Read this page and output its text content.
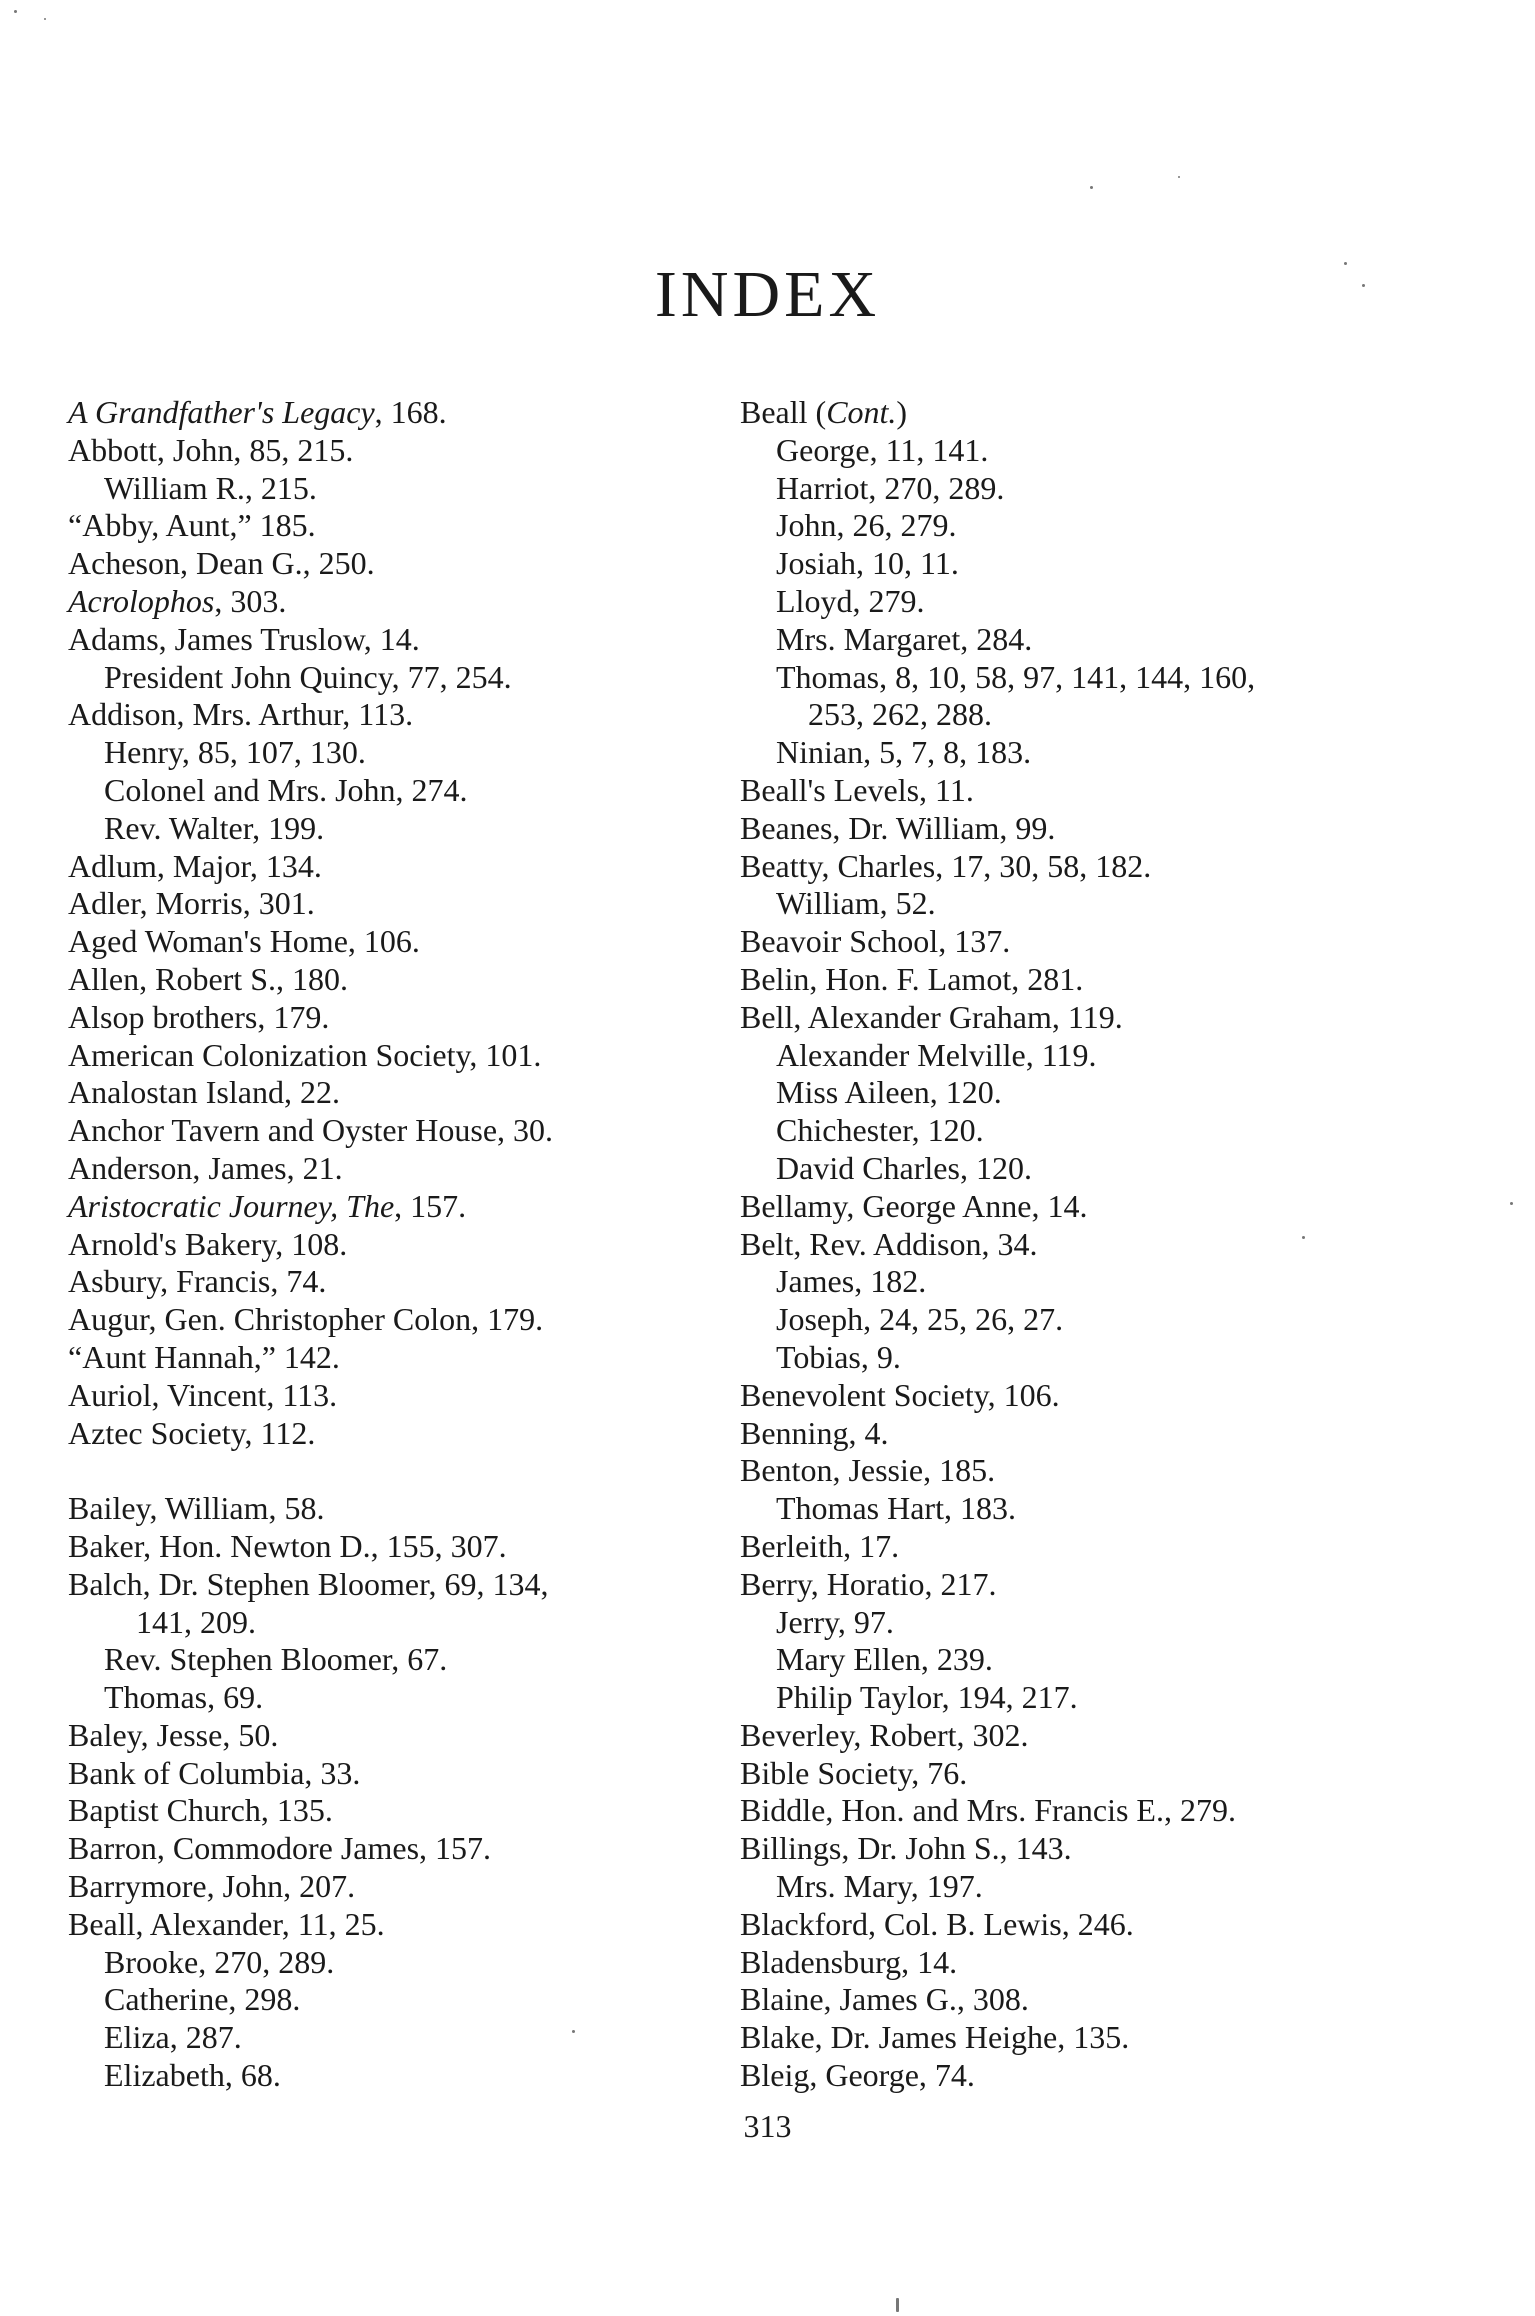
INDEX
A Grandfather's Legacy, 168.
Abbott, John, 85, 215.
William R., 215.
“Abby, Aunt,” 185.
Acheson, Dean G., 250.
Acrolophos, 303.
Adams, James Truslow, 14.
President John Quincy, 77, 254.
Addison, Mrs. Arthur, 113.
Henry, 85, 107, 130.
Colonel and Mrs. John, 274.
Rev. Walter, 199.
Adlum, Major, 134.
Adler, Morris, 301.
Aged Woman's Home, 106.
Allen, Robert S., 180.
Alsop brothers, 179.
American Colonization Society, 101.
Analostan Island, 22.
Anchor Tavern and Oyster House, 30.
Anderson, James, 21.
Aristocratic Journey, The, 157.
Arnold's Bakery, 108.
Asbury, Francis, 74.
Augur, Gen. Christopher Colon, 179.
“Aunt Hannah,” 142.
Auriol, Vincent, 113.
Aztec Society, 112.
Bailey, William, 58.
Baker, Hon. Newton D., 155, 307.
Balch, Dr. Stephen Bloomer, 69, 134,
141, 209.
Rev. Stephen Bloomer, 67.
Thomas, 69.
Baley, Jesse, 50.
Bank of Columbia, 33.
Baptist Church, 135.
Barron, Commodore James, 157.
Barrymore, John, 207.
Beall, Alexander, 11, 25.
Brooke, 270, 289.
Catherine, 298.
Eliza, 287.
Elizabeth, 68.
Beall (Cont.)
George, 11, 141.
Harriot, 270, 289.
John, 26, 279.
Josiah, 10, 11.
Lloyd, 279.
Mrs. Margaret, 284.
Thomas, 8, 10, 58, 97, 141, 144, 160,
253, 262, 288.
Ninian, 5, 7, 8, 183.
Beall's Levels, 11.
Beanes, Dr. William, 99.
Beatty, Charles, 17, 30, 58, 182.
William, 52.
Beavoir School, 137.
Belin, Hon. F. Lamot, 281.
Bell, Alexander Graham, 119.
Alexander Melville, 119.
Miss Aileen, 120.
Chichester, 120.
David Charles, 120.
Bellamy, George Anne, 14.
Belt, Rev. Addison, 34.
James, 182.
Joseph, 24, 25, 26, 27.
Tobias, 9.
Benevolent Society, 106.
Benning, 4.
Benton, Jessie, 185.
Thomas Hart, 183.
Berleith, 17.
Berry, Horatio, 217.
Jerry, 97.
Mary Ellen, 239.
Philip Taylor, 194, 217.
Beverley, Robert, 302.
Bible Society, 76.
Biddle, Hon. and Mrs. Francis E., 279.
Billings, Dr. John S., 143.
Mrs. Mary, 197.
Blackford, Col. B. Lewis, 246.
Bladensburg, 14.
Blaine, James G., 308.
Blake, Dr. James Heighe, 135.
Bleig, George, 74.
313
